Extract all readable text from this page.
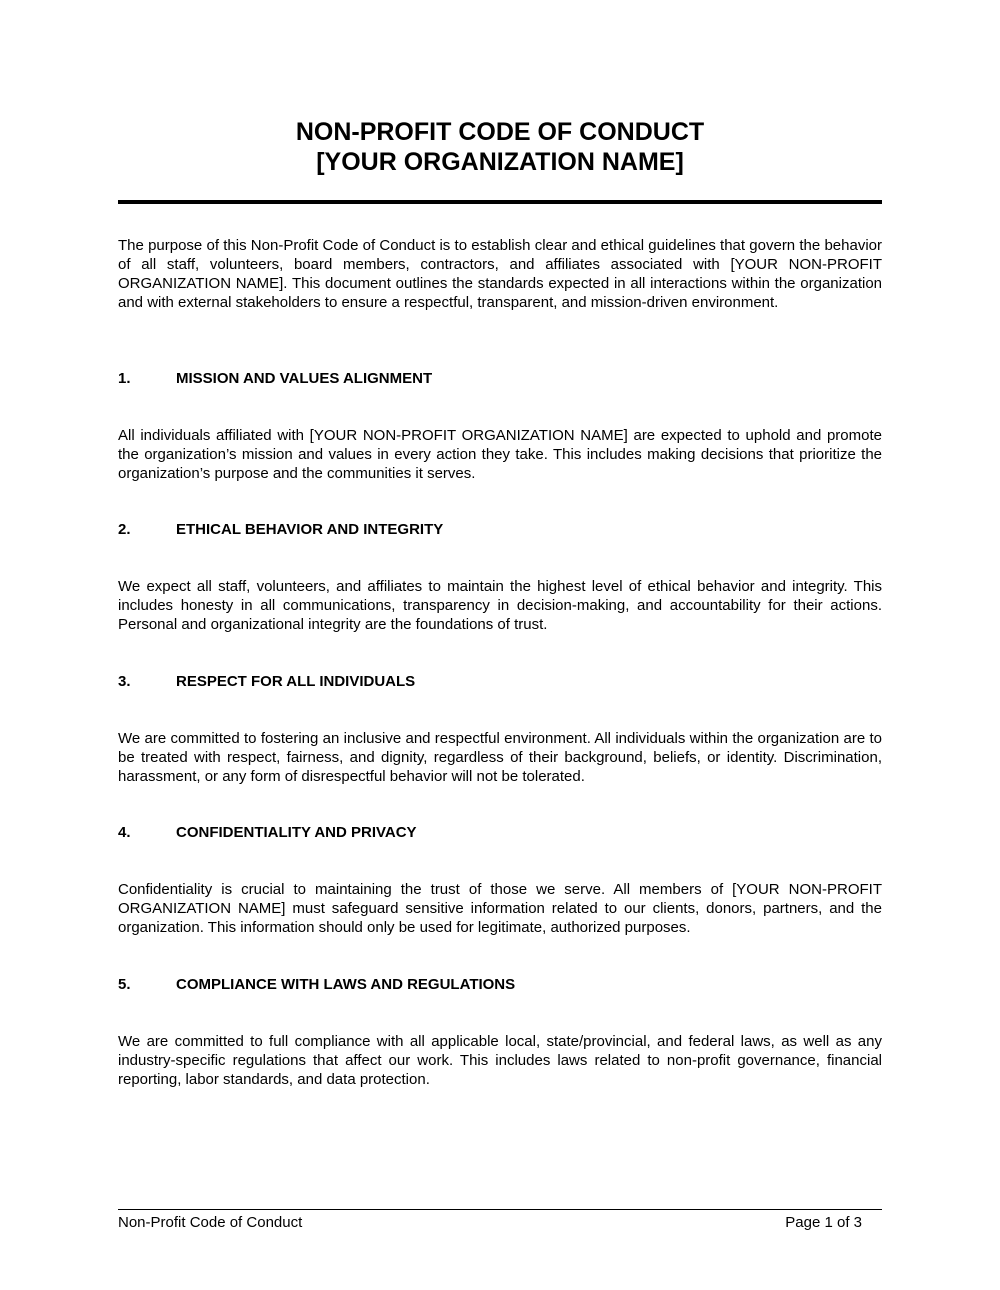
NON-PROFIT CODE OF CONDUCT
[YOUR ORGANIZATION NAME]

The purpose of this Non-Profit Code of Conduct is to establish clear and ethical guidelines that govern the behavior of all staff, volunteers, board members, contractors, and affiliates associated with [YOUR NON-PROFIT ORGANIZATION NAME]. This document outlines the standards expected in all interactions within the organization and with external stakeholders to ensure a respectful, transparent, and mission-driven environment.

1.	MISSION AND VALUES ALIGNMENT

All individuals affiliated with [YOUR NON-PROFIT ORGANIZATION NAME] are expected to uphold and promote the organization’s mission and values in every action they take. This includes making decisions that prioritize the organization’s purpose and the communities it serves.

2.	ETHICAL BEHAVIOR AND INTEGRITY

We expect all staff, volunteers, and affiliates to maintain the highest level of ethical behavior and integrity. This includes honesty in all communications, transparency in decision-making, and accountability for their actions. Personal and organizational integrity are the foundations of trust.

3.	RESPECT FOR ALL INDIVIDUALS

We are committed to fostering an inclusive and respectful environment. All individuals within the organization are to be treated with respect, fairness, and dignity, regardless of their background, beliefs, or identity. Discrimination, harassment, or any form of disrespectful behavior will not be tolerated.

4.	CONFIDENTIALITY AND PRIVACY

Confidentiality is crucial to maintaining the trust of those we serve. All members of [YOUR NON-PROFIT ORGANIZATION NAME] must safeguard sensitive information related to our clients, donors, partners, and the organization. This information should only be used for legitimate, authorized purposes.

5.	COMPLIANCE WITH LAWS AND REGULATIONS

We are committed to full compliance with all applicable local, state/provincial, and federal laws, as well as any industry-specific regulations that affect our work. This includes laws related to non-profit governance, financial reporting, labor standards, and data protection.

Non-Profit Code of Conduct	Page 1 of 3
